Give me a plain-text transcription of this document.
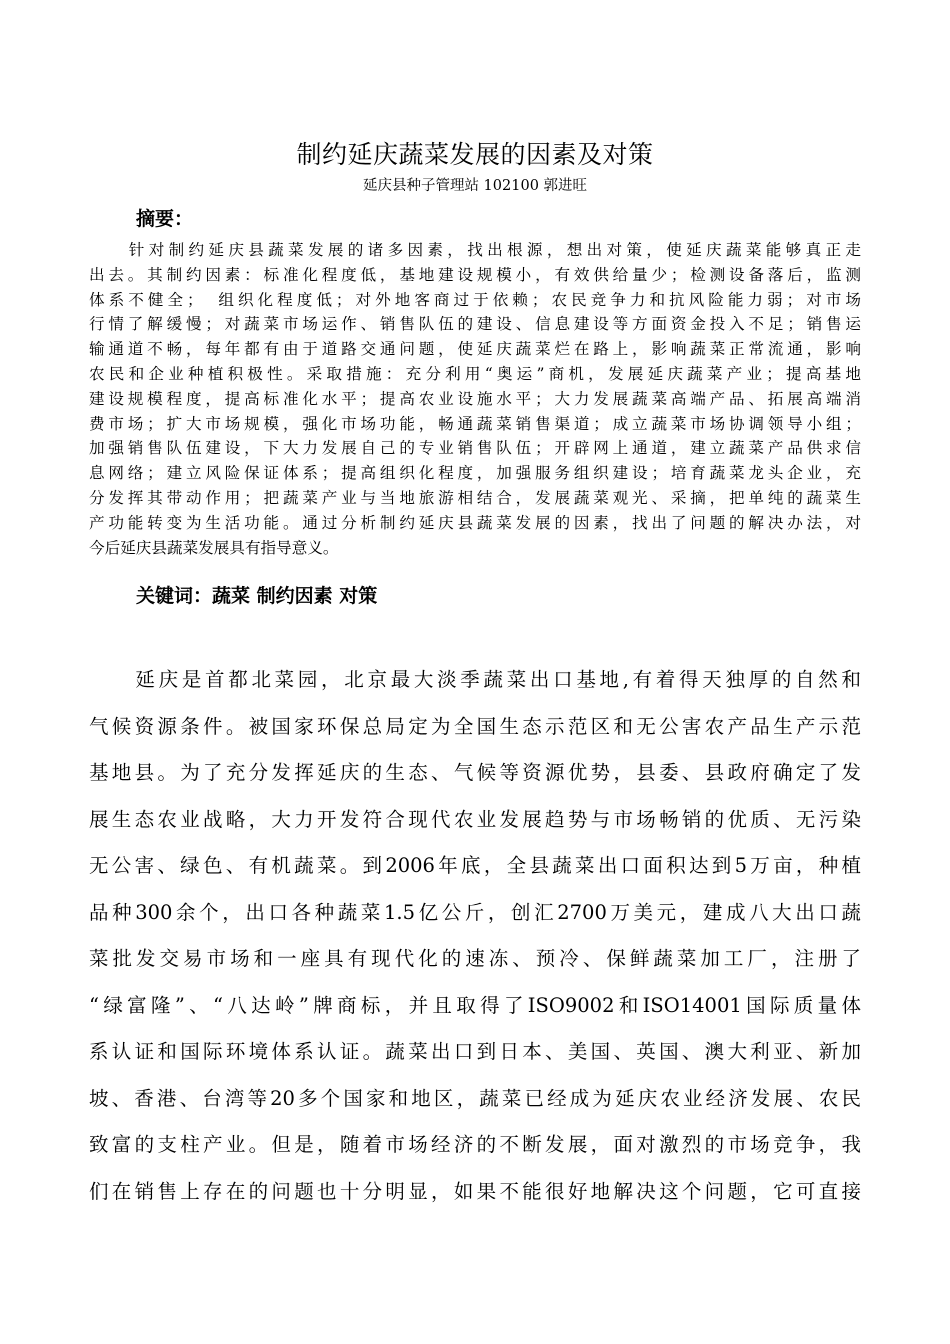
制约延庆蔬菜发展的因素及对策
延庆县种子管理站 102100 郭进旺
摘要：
　　针对制约延庆县蔬菜发展的诸多因素，找出根源，想出对策，使延庆蔬菜能够真正走
出去。其制约因素：标准化程度低，基地建设规模小，有效供给量少；检测设备落后，监测
体系不健全；　组织化程度低；对外地客商过于依赖；农民竞争力和抗风险能力弱；对市场
行情了解缓慢；对蔬菜市场运作、销售队伍的建设、信息建设等方面资金投入不足；销售运
输通道不畅，每年都有由于道路交通问题，使延庆蔬菜烂在路上，影响蔬菜正常流通，影响
农民和企业种植积极性。采取措施：充分利用“奥运”商机，发展延庆蔬菜产业；提高基地
建设规模程度，提高标准化水平；提高农业设施水平；大力发展蔬菜高端产品、拓展高端消
费市场；扩大市场规模，强化市场功能，畅通蔬菜销售渠道；成立蔬菜市场协调领导小组；
加强销售队伍建设，下大力发展自己的专业销售队伍；开辟网上通道，建立蔬菜产品供求信
息网络；建立风险保证体系；提高组织化程度，加强服务组织建设；培育蔬菜龙头企业，充
分发挥其带动作用；把蔬菜产业与当地旅游相结合，发展蔬菜观光、采摘，把单纯的蔬菜生
产功能转变为生活功能。通过分析制约延庆县蔬菜发展的因素，找出了问题的解决办法，对
今后延庆县蔬菜发展具有指导意义。
关键词：蔬菜 制约因素 对策
　　延庆是首都北菜园，北京最大淡季蔬菜出口基地,有着得天独厚的自然和
气候资源条件。被国家环保总局定为全国生态示范区和无公害农产品生产示范
基地县。为了充分发挥延庆的生态、气候等资源优势，县委、县政府确定了发
展生态农业战略，大力开发符合现代农业发展趋势与市场畅销的优质、无污染
无公害、绿色、有机蔬菜。到2006年底，全县蔬菜出口面积达到5万亩，种植
品种300余个，出口各种蔬菜1.5亿公斤，创汇2700万美元，建成八大出口蔬
菜批发交易市场和一座具有现代化的速冻、预冷、保鲜蔬菜加工厂，注册了
“绿富隆”、“八达岭”牌商标，并且取得了ISO9002和ISO14001国际质量体
系认证和国际环境体系认证。蔬菜出口到日本、美国、英国、澳大利亚、新加
坡、香港、台湾等20多个国家和地区，蔬菜已经成为延庆农业经济发展、农民
致富的支柱产业。但是，随着市场经济的不断发展，面对激烈的市场竞争，我
们在销售上存在的问题也十分明显，如果不能很好地解决这个问题，它可直接
